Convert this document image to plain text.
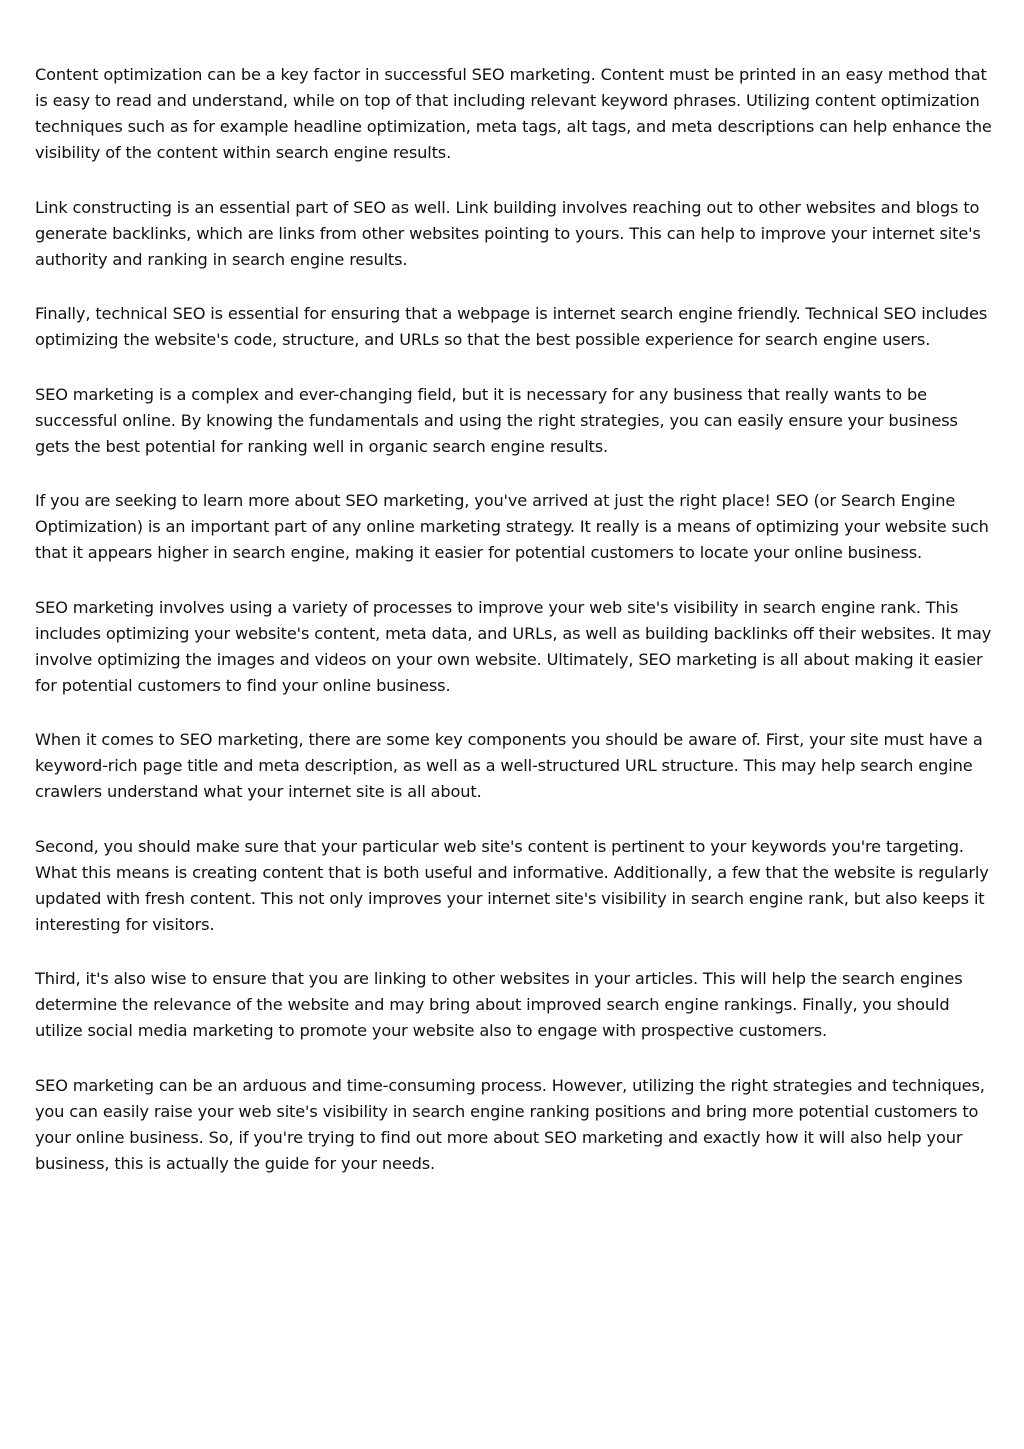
Content optimization can be a key factor in successful SEO marketing. Content must be printed in an easy method that is easy to read and understand, while on top of that including relevant keyword phrases. Utilizing content optimization techniques such as for example headline optimization, meta tags, alt tags, and meta descriptions can help enhance the visibility of the content within search engine results.

Link constructing is an essential part of SEO as well. Link building involves reaching out to other websites and blogs to generate backlinks, which are links from other websites pointing to yours. This can help to improve your internet site's authority and ranking in search engine results.

Finally, technical SEO is essential for ensuring that a webpage is internet search engine friendly. Technical SEO includes optimizing the website's code, structure, and URLs so that the best possible experience for search engine users.

SEO marketing is a complex and ever-changing field, but it is necessary for any business that really wants to be successful online. By knowing the fundamentals and using the right strategies, you can easily ensure your business gets the best potential for ranking well in organic search engine results.

If you are seeking to learn more about SEO marketing, you've arrived at just the right place! SEO (or Search Engine Optimization) is an important part of any online marketing strategy. It really is a means of optimizing your website such that it appears higher in search engine, making it easier for potential customers to locate your online business.

SEO marketing involves using a variety of processes to improve your web site's visibility in search engine rank. This includes optimizing your website's content, meta data, and URLs, as well as building backlinks off their websites. It may involve optimizing the images and videos on your own website. Ultimately, SEO marketing is all about making it easier for potential customers to find your online business.

When it comes to SEO marketing, there are some key components you should be aware of. First, your site must have a keyword-rich page title and meta description, as well as a well-structured URL structure. This may help search engine crawlers understand what your internet site is all about.

Second, you should make sure that your particular web site's content is pertinent to your keywords you're targeting. What this means is creating content that is both useful and informative. Additionally, a few that the website is regularly updated with fresh content. This not only improves your internet site's visibility in search engine rank, but also keeps it interesting for visitors.

Third, it's also wise to ensure that you are linking to other websites in your articles. This will help the search engines determine the relevance of the website and may bring about improved search engine rankings. Finally, you should utilize social media marketing to promote your website also to engage with prospective customers.

SEO marketing can be an arduous and time-consuming process. However, utilizing the right strategies and techniques, you can easily raise your web site's visibility in search engine ranking positions and bring more potential customers to your online business. So, if you're trying to find out more about SEO marketing and exactly how it will also help your business, this is actually the guide for your needs.
